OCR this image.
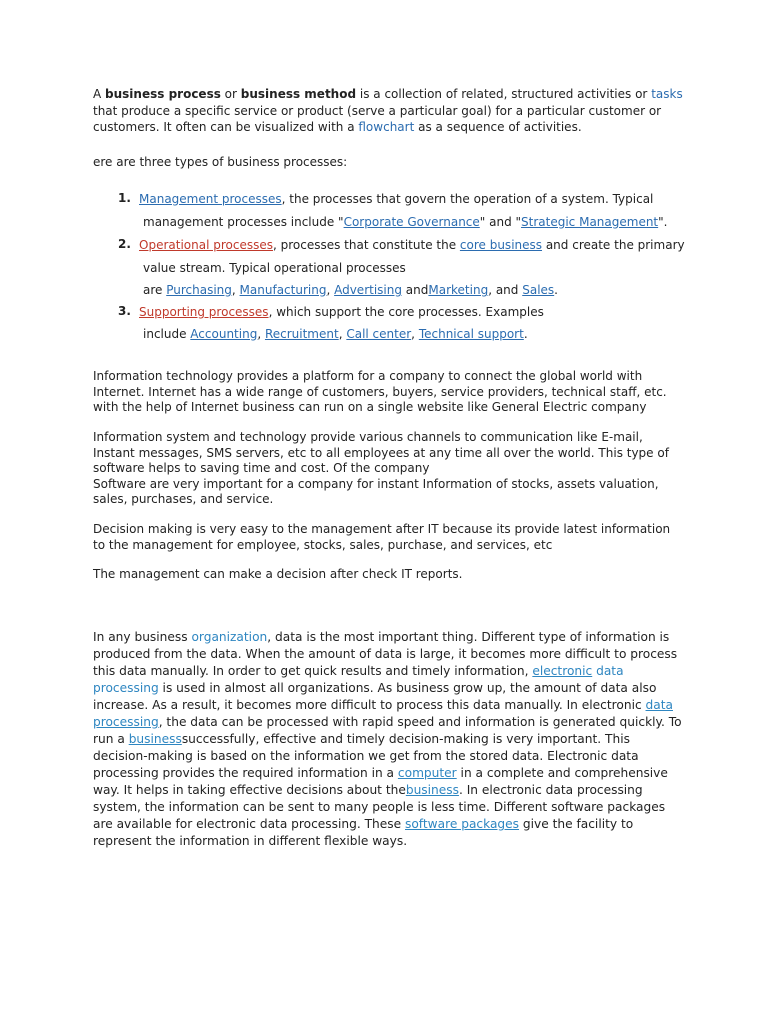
A business process or business method is a collection of related, structured activities or tasks that produce a specific service or product (serve a particular goal) for a particular customer or customers. It often can be visualized with a flowchart as a sequence of activities.

ere are three types of business processes:

1. Management processes, the processes that govern the operation of a system. Typical
management processes include "Corporate Governance" and "Strategic Management".
2. Operational processes, processes that constitute the core business and create the primary
value stream. Typical operational processes
are Purchasing, Manufacturing, Advertising andMarketing, and Sales.
3. Supporting processes, which support the core processes. Examples
include Accounting, Recruitment, Call center, Technical support.

Information technology provides a platform for a company to connect the global world with Internet. Internet has a wide range of customers, buyers, service providers, technical staff, etc. with the help of Internet business can run on a single website like General Electric company

Information system and technology provide various channels to communication like E-mail, Instant messages, SMS servers, etc to all employees at any time all over the world. This type of software helps to saving time and cost. Of the company
Software are very important for a company for instant Information of stocks, assets valuation, sales, purchases, and service.

Decision making is very easy to the management after IT because its provide latest information to the management for employee, stocks, sales, purchase, and services, etc

The management can make a decision after check IT reports.

In any business organization, data is the most important thing. Different type of information is produced from the data. When the amount of data is large, it becomes more difficult to process this data manually. In order to get quick results and timely information, electronic data processing is used in almost all organizations. As business grow up, the amount of data also increase. As a result, it becomes more difficult to process this data manually. In electronic data processing, the data can be processed with rapid speed and information is generated quickly. To run a businesssuccessfully, effective and timely decision-making is very important. This decision-making is based on the information we get from the stored data. Electronic data processing provides the required information in a computer in a complete and comprehensive way. It helps in taking effective decisions about thebusiness. In electronic data processing system, the information can be sent to many people is less time. Different software packages are available for electronic data processing. These software packages give the facility to represent the information in different flexible ways.
